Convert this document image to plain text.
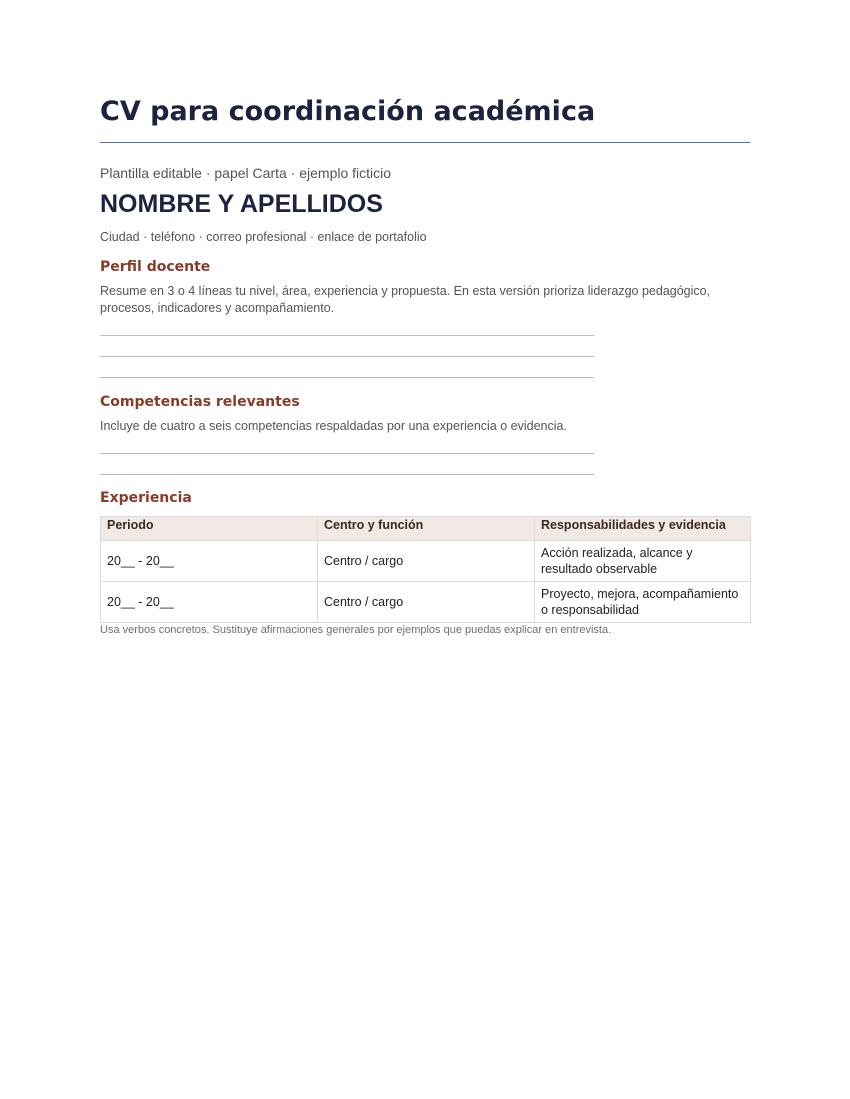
CV para coordinación académica
Plantilla editable · papel Carta · ejemplo ficticio
NOMBRE Y APELLIDOS
Ciudad · teléfono · correo profesional · enlace de portafolio
Perfil docente
Resume en 3 o 4 líneas tu nivel, área, experiencia y propuesta. En esta versión prioriza liderazgo pedagógico, procesos, indicadores y acompañamiento.
Competencias relevantes
Incluye de cuatro a seis competencias respaldadas por una experiencia o evidencia.
Experiencia
Periodo	Centro y función	Responsabilidades y evidencia
20__ - 20__	Centro / cargo	Acción realizada, alcance y resultado observable
20__ - 20__	Centro / cargo	Proyecto, mejora, acompañamiento o responsabilidad
Usa verbos concretos. Sustituye afirmaciones generales por ejemplos que puedas explicar en entrevista.
